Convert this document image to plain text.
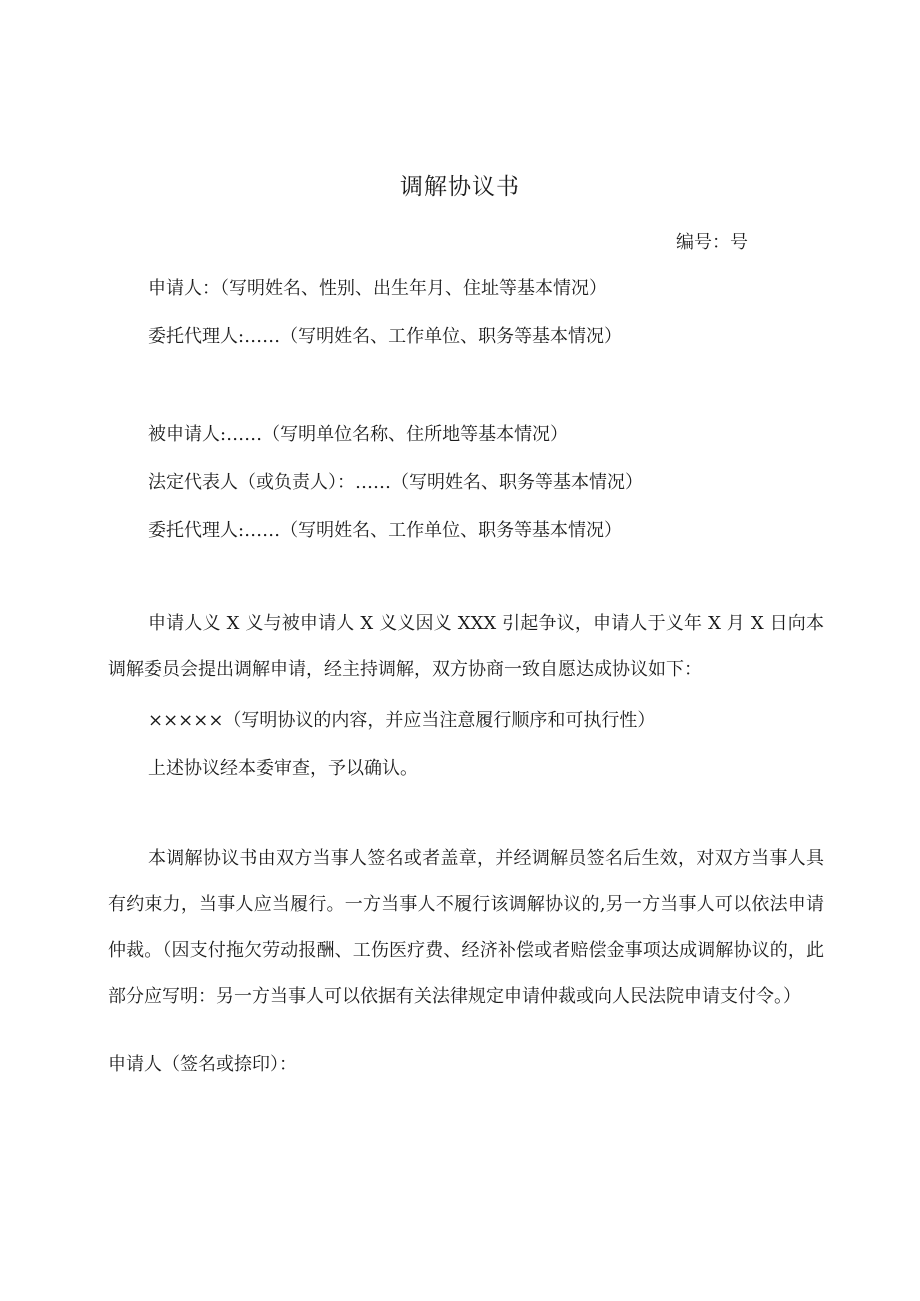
调解协议书
编号：号
申请人：（写明姓名、性别、出生年月、住址等基本情况）
委托代理人:……（写明姓名、工作单位、职务等基本情况）
被申请人:……（写明单位名称、住所地等基本情况）
法定代表人（或负责人）：……（写明姓名、职务等基本情况）
委托代理人:……（写明姓名、工作单位、职务等基本情况）
申请人义 X 义与被申请人 X 义义因义 XXX 引起争议，申请人于义年 X 月 X 日向本调解委员会提出调解申请，经主持调解，双方协商一致自愿达成协议如下：
×××××（写明协议的内容，并应当注意履行顺序和可执行性）
上述协议经本委审查，予以确认。
本调解协议书由双方当事人签名或者盖章，并经调解员签名后生效，对双方当事人具有约束力，当事人应当履行。一方当事人不履行该调解协议的,另一方当事人可以依法申请仲裁。（因支付拖欠劳动报酬、工伤医疗费、经济补偿或者赔偿金事项达成调解协议的，此部分应写明：另一方当事人可以依据有关法律规定申请仲裁或向人民法院申请支付令。）
申请人（签名或捺印）：
